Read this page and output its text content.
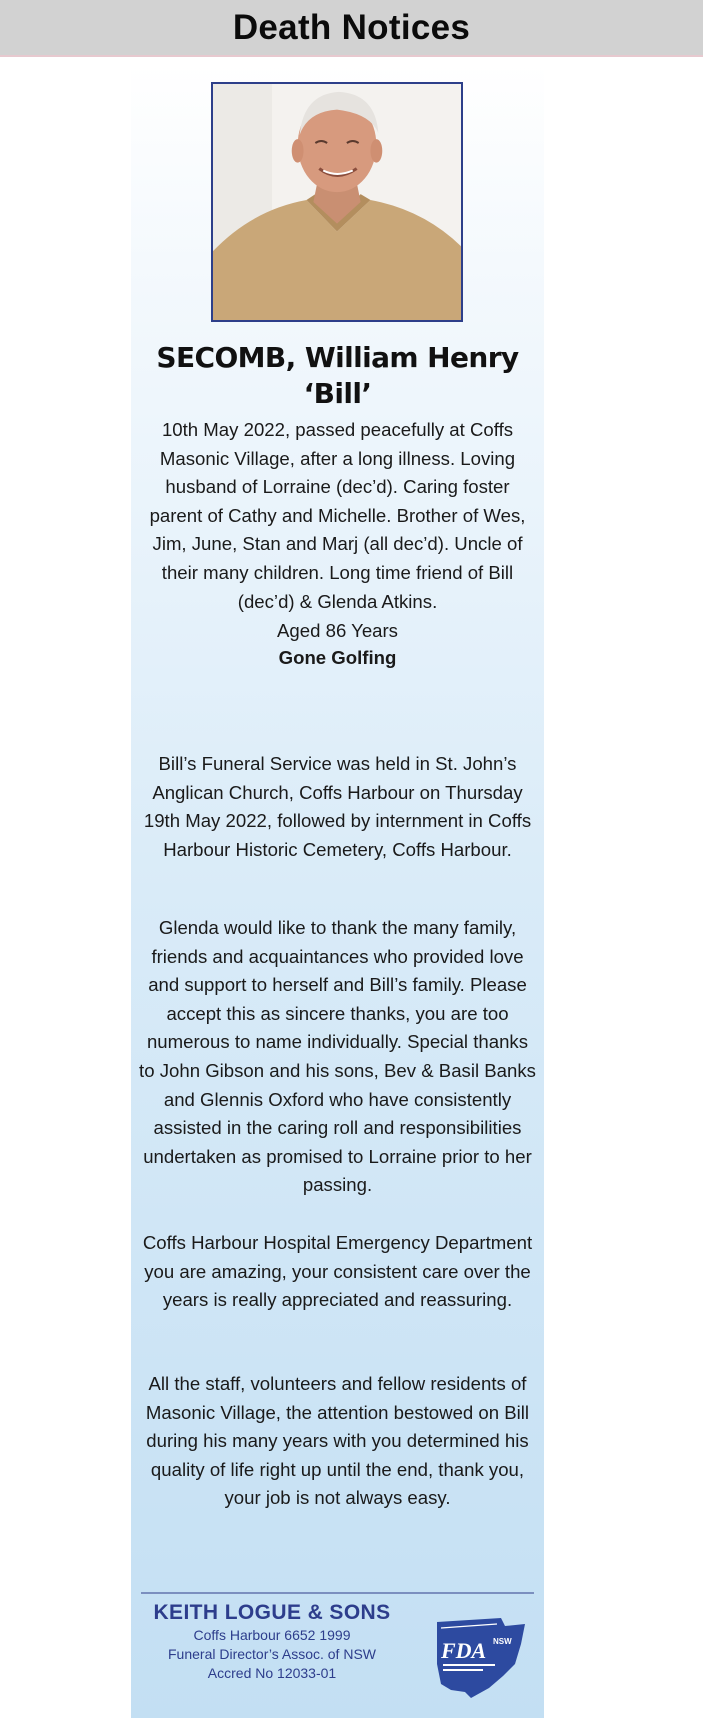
Death Notices
SECOMB, William Henry
‘Bill’

10th May 2022, passed peacefully at Coffs Masonic Village, after a long illness. Loving husband of Lorraine (dec’d). Caring foster parent of Cathy and Michelle. Brother of Wes, Jim, June, Stan and Marj (all dec’d). Uncle of their many children. Long time friend of Bill (dec’d) & Glenda Atkins.

Aged 86 Years

Gone Golfing

Bill’s Funeral Service was held in St. John’s Anglican Church, Coffs Harbour on Thursday 19th May 2022, followed by internment in Coffs Harbour Historic Cemetery, Coffs Harbour.

Glenda would like to thank the many family, friends and acquaintances who provided love and support to herself and Bill’s family. Please accept this as sincere thanks, you are too numerous to name individually. Special thanks to John Gibson and his sons, Bev & Basil Banks and Glennis Oxford who have consistently assisted in the caring roll and responsibilities undertaken as promised to Lorraine prior to her passing.

Coffs Harbour Hospital Emergency Department you are amazing, your consistent care over the years is really appreciated and reassuring.

All the staff, volunteers and fellow residents of Masonic Village, the attention bestowed on Bill during his many years with you determined his quality of life right up until the end, thank you, your job is not always easy.

KEITH LOGUE & SONS
Coffs Harbour 6652 1999
Funeral Director’s Assoc. of NSW
Accred No 12033-01
FDA NSW
